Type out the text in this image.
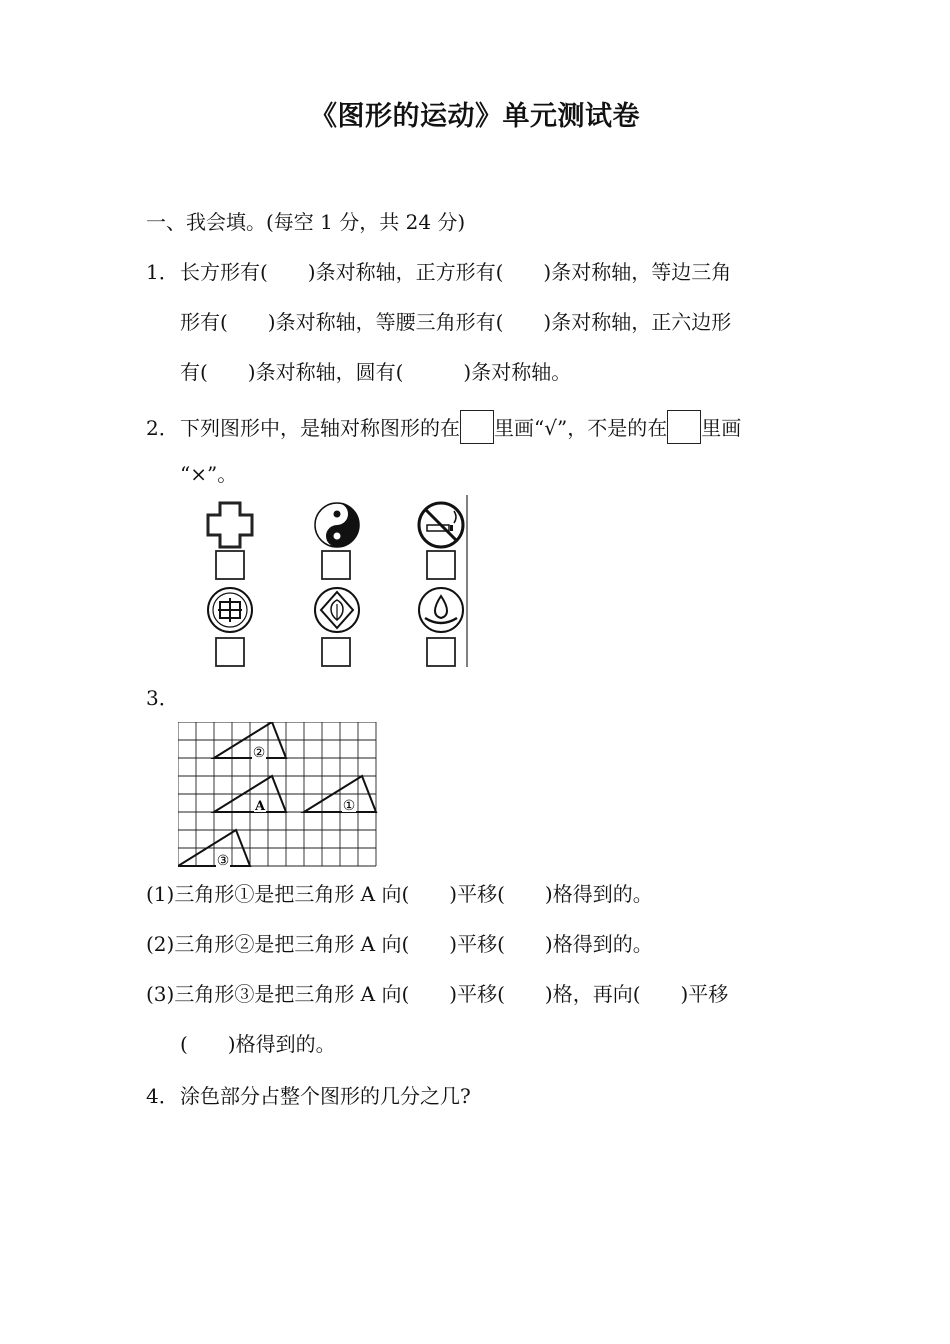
《图形的运动》单元测试卷
一、我会填。(每空 1 分，共 24 分)
1．长方形有(　　)条对称轴，正方形有(　　)条对称轴，等边三角
形有(　　)条对称轴，等腰三角形有(　　)条对称轴，正六边形
有(　　)条对称轴，圆有(　　　)条对称轴。
2．下列图形中，是轴对称图形的在 里画“√”，不是的在 里画
“×”。
3．
②
A	①
③
(1)三角形①是把三角形 A 向(　　)平移(　　)格得到的。
(2)三角形②是把三角形 A 向(　　)平移(　　)格得到的。
(3)三角形③是把三角形 A 向(　　)平移(　　)格，再向(　　)平移
(　　)格得到的。
4．涂色部分占整个图形的几分之几?
